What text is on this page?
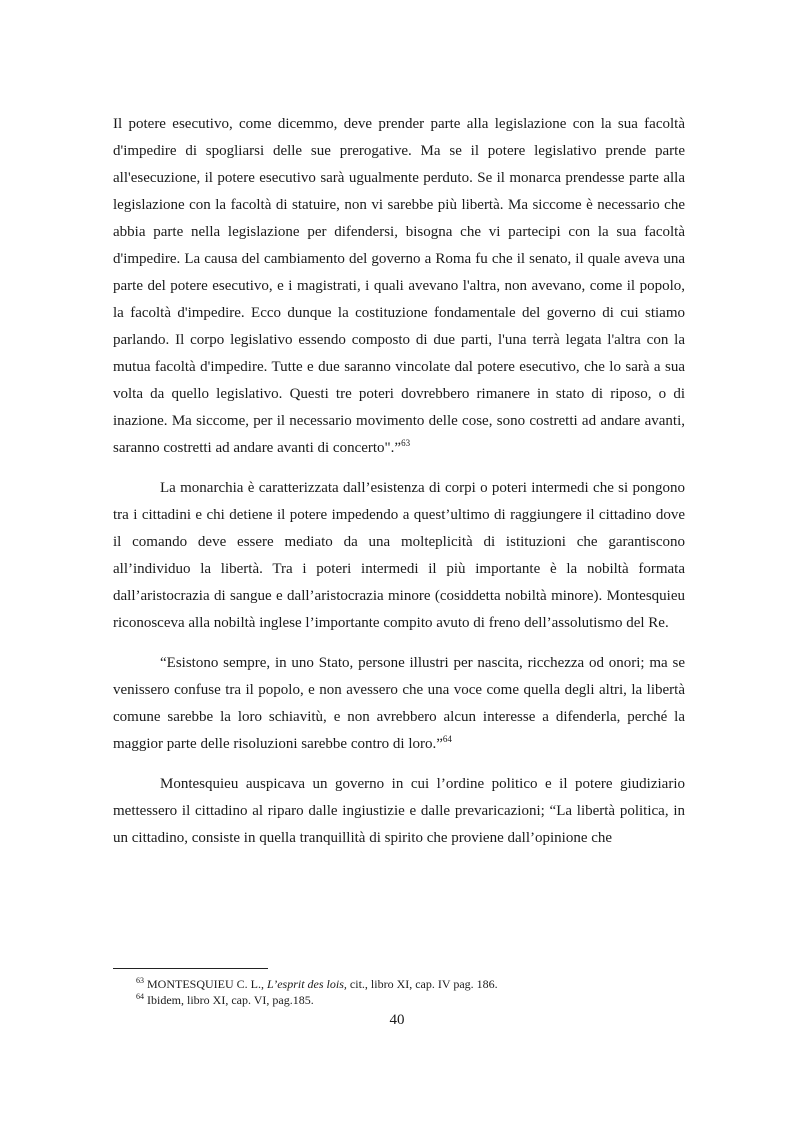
Il potere esecutivo, come dicemmo, deve prender parte alla legislazione con la sua facoltà d'impedire di spogliarsi delle sue prerogative. Ma se il potere legislativo prende parte all'esecuzione, il potere esecutivo sarà ugualmente perduto. Se il monarca prendesse parte alla legislazione con la facoltà di statuire, non vi sarebbe più libertà. Ma siccome è necessario che abbia parte nella legislazione per difendersi, bisogna che vi partecipi con la sua facoltà d'impedire. La causa del cambiamento del governo a Roma fu che il senato, il quale aveva una parte del potere esecutivo, e i magistrati, i quali avevano l'altra, non avevano, come il popolo, la facoltà d'impedire. Ecco dunque la costituzione fondamentale del governo di cui stiamo parlando. Il corpo legislativo essendo composto di due parti, l'una terrà legata l'altra con la mutua facoltà d'impedire. Tutte e due saranno vincolate dal potere esecutivo, che lo sarà a sua volta da quello legislativo. Questi tre poteri dovrebbero rimanere in stato di riposo, o di inazione. Ma siccome, per il necessario movimento delle cose, sono costretti ad andare avanti, saranno costretti ad andare avanti di concerto".”$^{63}$

La monarchia è caratterizzata dall’esistenza di corpi o poteri intermedi che si pongono tra i cittadini e chi detiene il potere impedendo a quest’ultimo di raggiungere il cittadino dove il comando deve essere mediato da una molteplicità di istituzioni che garantiscono all’individuo la libertà. Tra i poteri intermedi il più importante è la nobiltà formata dall’aristocrazia di sangue e dall’aristocrazia minore (cosiddetta nobiltà minore). Montesquieu riconosceva alla nobiltà inglese l’importante compito avuto di freno dell’assolutismo del Re.

“Esistono sempre, in uno Stato, persone illustri per nascita, ricchezza od onori; ma se venissero confuse tra il popolo, e non avessero che una voce come quella degli altri, la libertà comune sarebbe la loro schiavitù, e non avrebbero alcun interesse a difenderla, perché la maggior parte delle risoluzioni sarebbe contro di loro.”$^{64}$

Montesquieu auspicava un governo in cui l’ordine politico e il potere giudiziario mettessero il cittadino al riparo dalle ingiustizie e dalle prevaricazioni; “La libertà politica, in un cittadino, consiste in quella tranquillità di spirito che proviene dall’opinione che

$^{63}$ MONTESQUIEU C. L., L’esprit des lois, cit., libro XI, cap. IV pag. 186.
$^{64}$ Ibidem, libro XI, cap. VI, pag.185.
40
